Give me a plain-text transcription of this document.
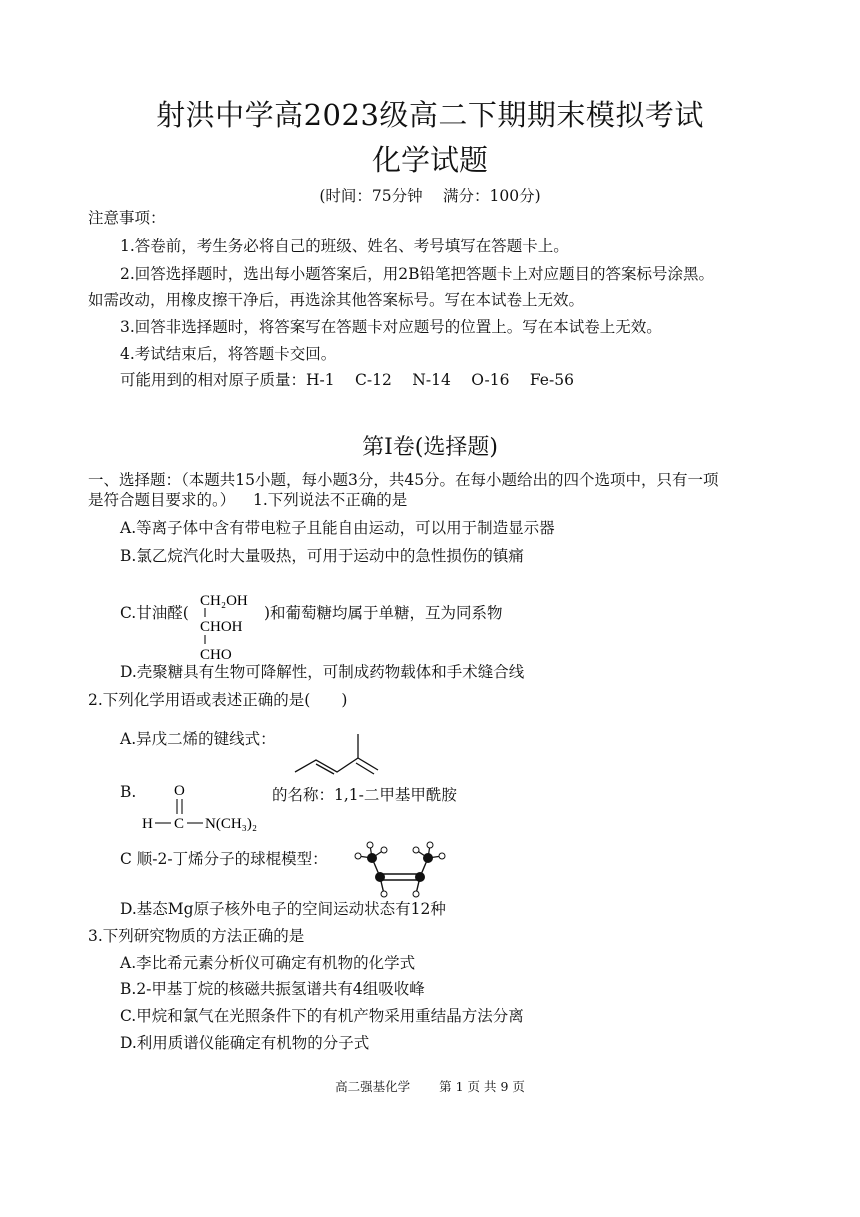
射洪中学高2023级高二下期期末模拟考试
化学试题
(时间：75分钟　 满分：100分)
注意事项：
1.答卷前，考生务必将自己的班级、姓名、考号填写在答题卡上。
2.回答选择题时，选出每小题答案后，用2B铅笔把答题卡上对应题目的答案标号涂黑。
如需改动，用橡皮擦干净后，再选涂其他答案标号。写在本试卷上无效。
3.回答非选择题时，将答案写在答题卡对应题号的位置上。写在本试卷上无效。
4.考试结束后，将答题卡交回。
可能用到的相对原子质量：H-1　 C-12　 N-14　 O-16　 Fe-56
第I卷(选择题)
一、选择题：（本题共15小题，每小题3分，共45分。在每小题给出的四个选项中，只有一项
是符合题目要求的。） 1.下列说法不正确的是
A.等离子体中含有带电粒子且能自由运动，可以用于制造显示器
B.氯乙烷汽化时大量吸热，可用于运动中的急性损伤的镇痛
C.甘油醛(
CH₂OH
CHOH
CHO
)和葡萄糖均属于单糖，互为同系物
D.壳聚糖具有生物可降解性，可制成药物载体和手术缝合线
2.下列化学用语或表述正确的是(　　)
A.异戊二烯的键线式：
B.	O
H C N(CH₃)₂
的名称：1,1-二甲基甲酰胺
C 顺-2-丁烯分子的球棍模型：
D.基态Mg原子核外电子的空间运动状态有12种
3.下列研究物质的方法正确的是
A.李比希元素分析仪可确定有机物的化学式
B.2-甲基丁烷的核磁共振氢谱共有4组吸收峰
C.甲烷和氯气在光照条件下的有机产物采用重结晶方法分离
D.利用质谱仪能确定有机物的分子式
高二强基化学　　 第 1 页 共 9 页
